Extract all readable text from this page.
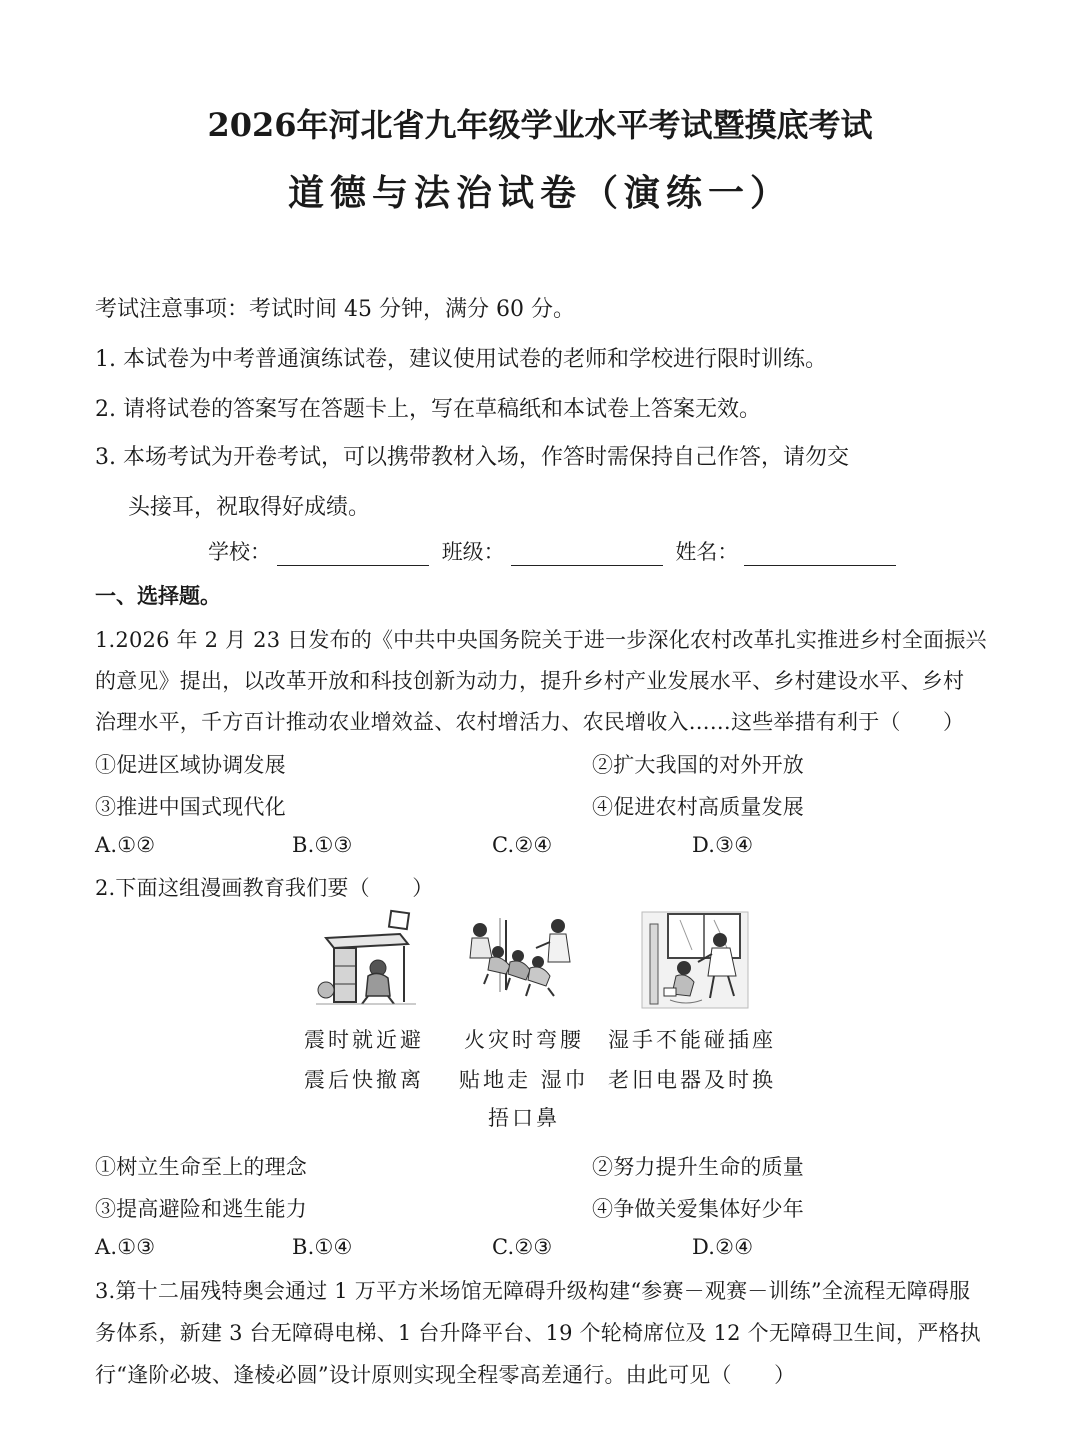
2026年河北省九年级学业水平考试暨摸底考试
道德与法治试卷（演练一）
考试注意事项：考试时间 45 分钟，满分 60 分。
1. 本试卷为中考普通演练试卷，建议使用试卷的老师和学校进行限时训练。
2. 请将试卷的答案写在答题卡上，写在草稿纸和本试卷上答案无效。
3. 本场考试为开卷考试，可以携带教材入场，作答时需保持自己作答，请勿交
头接耳，祝取得好成绩。
学校：	班级：	姓名：
一、选择题。
1.2026 年 2 月 23 日发布的《中共中央国务院关于进一步深化农村改革扎实推进乡村全面振兴
的意见》提出，以改革开放和科技创新为动力，提升乡村产业发展水平、乡村建设水平、乡村
治理水平，千方百计推动农业增效益、农村增活力、农民增收入……这些举措有利于（　　）
①促进区域协调发展	②扩大我国的对外开放
③推进中国式现代化	④促进农村高质量发展
A.①②	B.①③	C.②④	D.③④
2.下面这组漫画教育我们要（　　）
震时就近避
震后快撤离
火灾时弯腰
贴地走 湿巾
捂口鼻
湿手不能碰插座
老旧电器及时换
①树立生命至上的理念	②努力提升生命的质量
③提高避险和逃生能力	④争做关爱集体好少年
A.①③	B.①④	C.②③	D.②④
3.第十二届残特奥会通过 1 万平方米场馆无障碍升级构建“参赛－观赛－训练”全流程无障碍服
务体系，新建 3 台无障碍电梯、1 台升降平台、19 个轮椅席位及 12 个无障碍卫生间，严格执
行“逢阶必坡、逢棱必圆”设计原则实现全程零高差通行。由此可见（　　）
